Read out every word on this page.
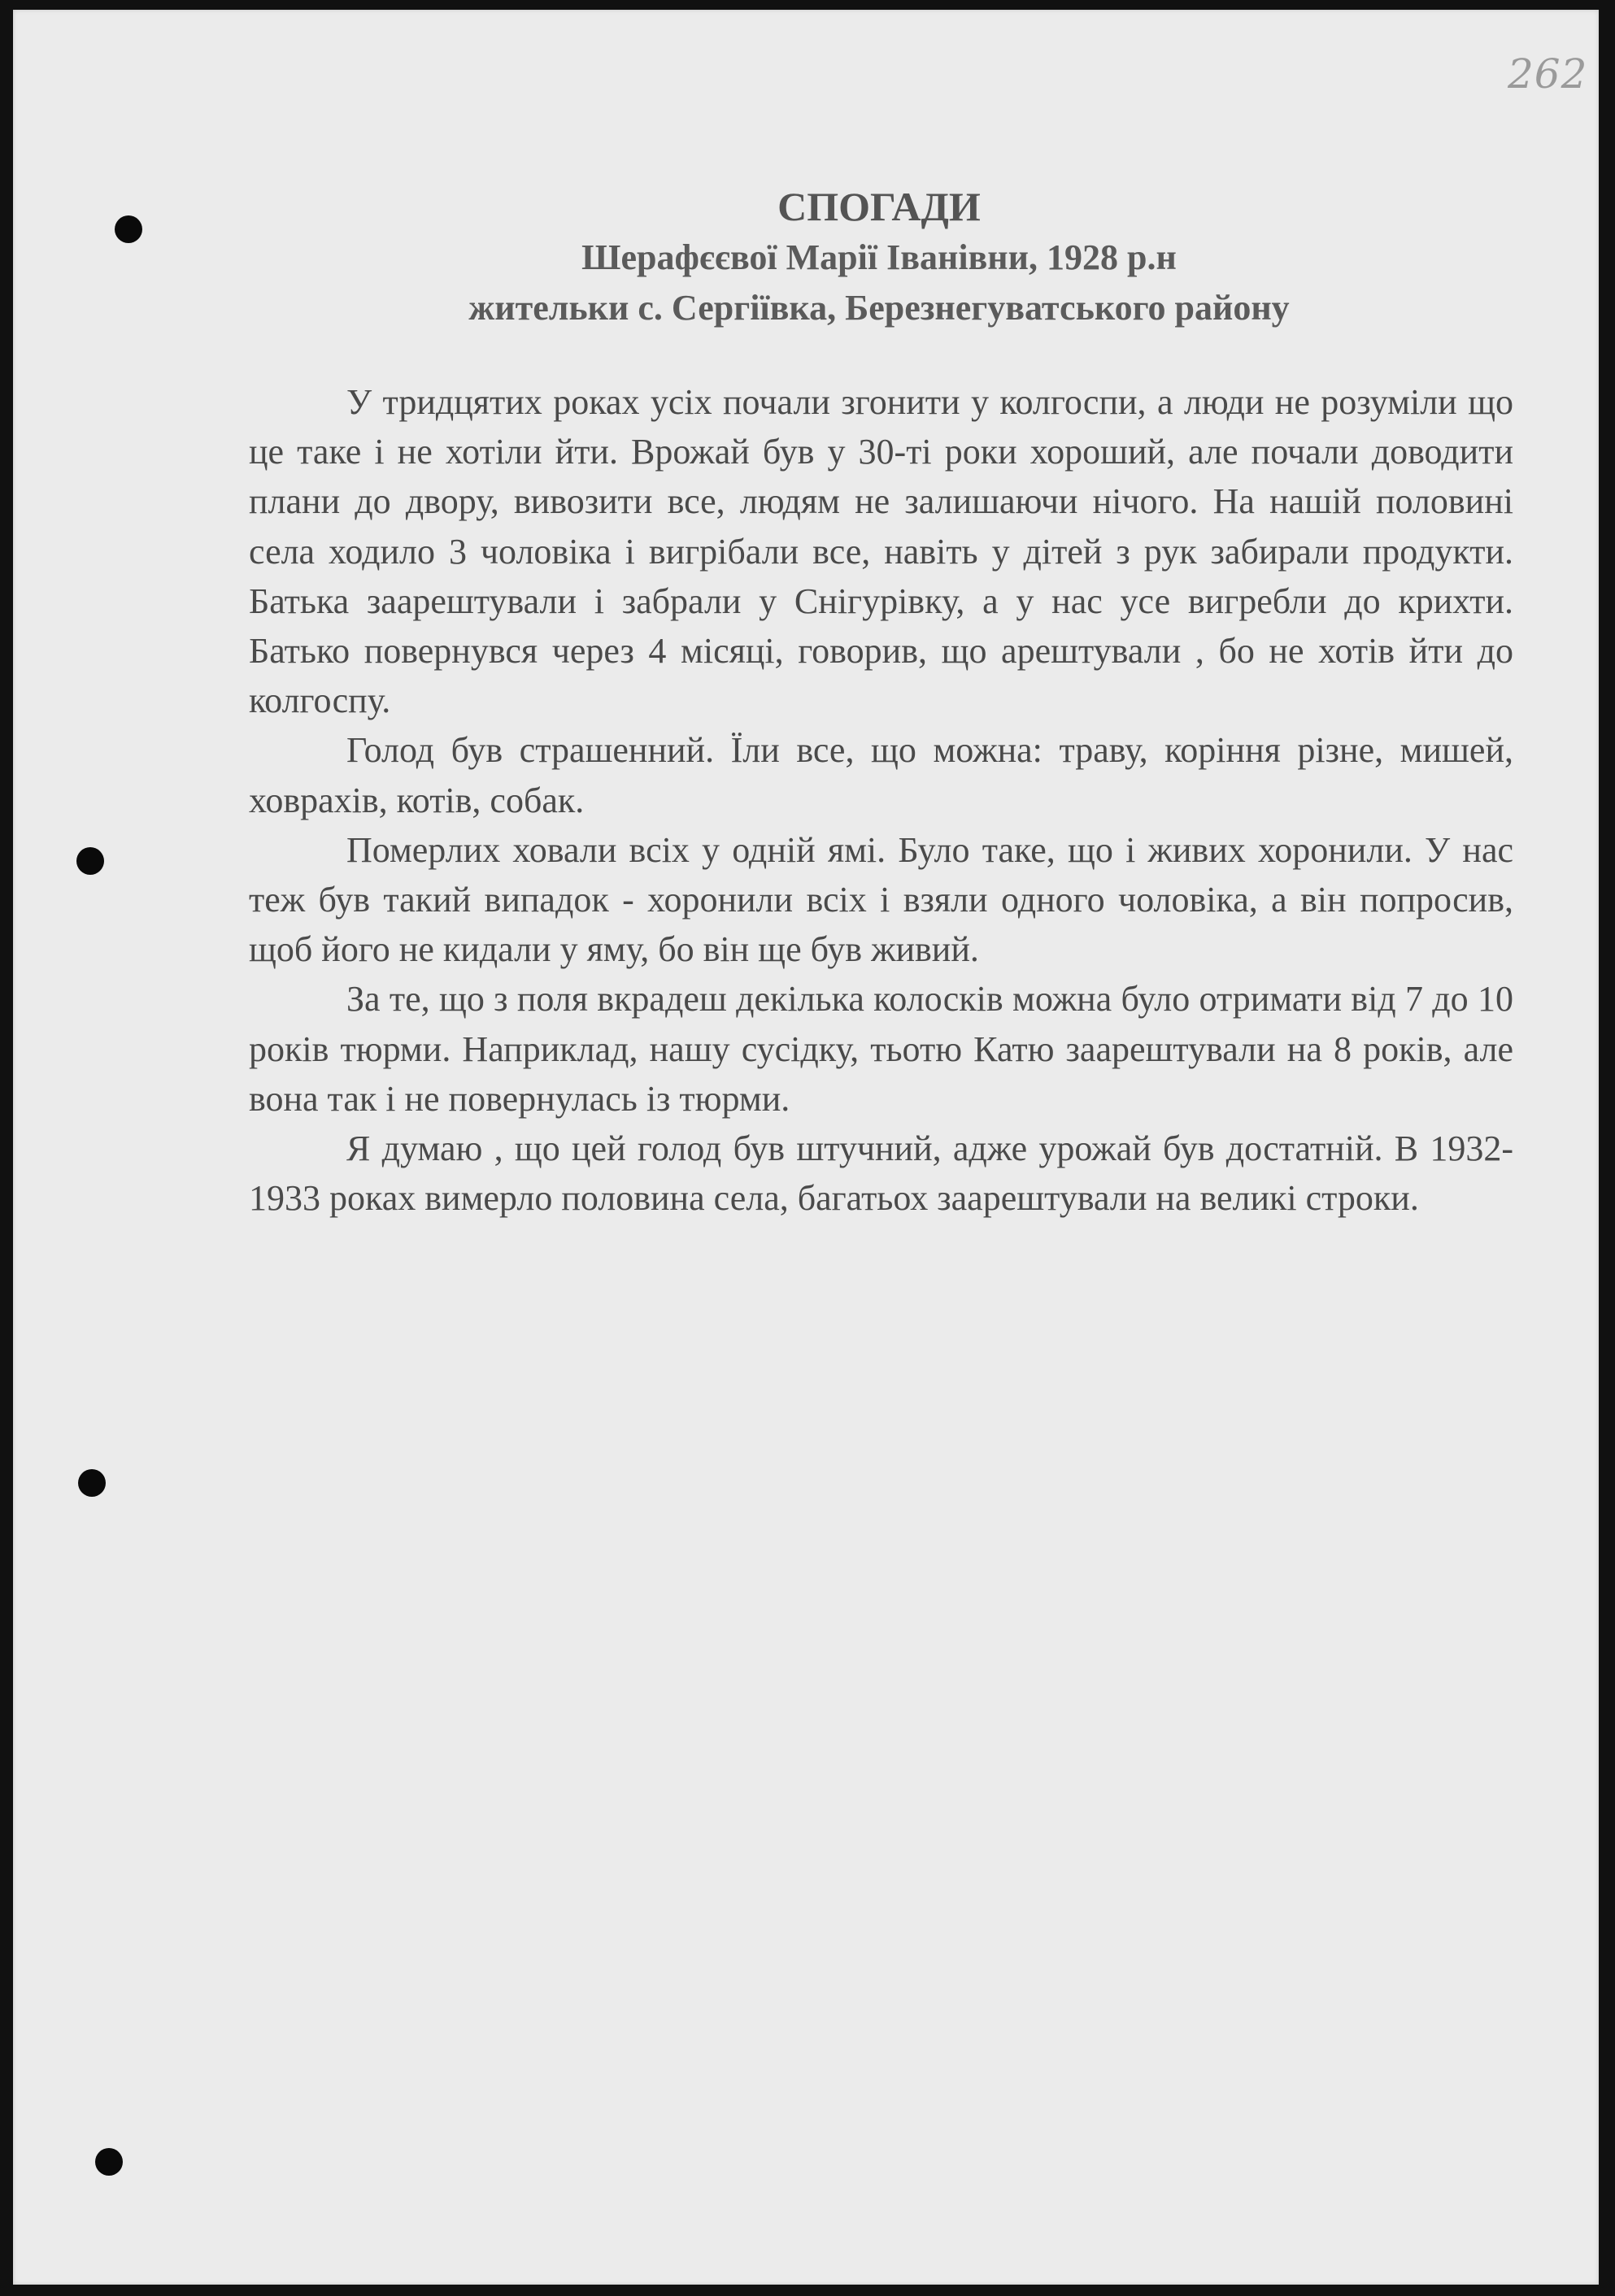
262
СПОГАДИ
Шерафєєвої Марії Іванівни, 1928 р.н
жительки с. Сергіївка, Березнегуватського району

У тридцятих роках усіх почали згонити у колгоспи, а люди не розуміли що це таке і не хотіли йти. Врожай був у 30-ті роки хороший, але почали доводити плани до двору, вивозити все, людям не залишаючи нічого. На нашій половині села ходило 3 чоловіка і вигрібали все, навіть у дітей з рук забирали продукти. Батька заарештували і забрали у Снігурівку, а у нас усе вигребли до крихти. Батько повернувся через 4 місяці, говорив, що арештували , бо не хотів йти до колгоспу.

Голод був страшенний. Їли все, що можна: траву, коріння різне, мишей, ховрахів, котів, собак.

Померлих ховали всіх у одній ямі. Було таке, що і живих хоронили. У нас теж був такий випадок - хоронили всіх і взяли одного чоловіка, а він попросив, щоб його не кидали у яму, бо він ще був живий.

За те, що з поля вкрадеш декілька колосків можна було отримати від 7 до 10 років тюрми. Наприклад, нашу сусідку, тьотю Катю заарештували на 8 років, але вона так і не повернулась із тюрми.

Я думаю , що цей голод був штучний, адже урожай був достатній. В 1932-1933 роках вимерло половина села, багатьох заарештували на великі строки.
